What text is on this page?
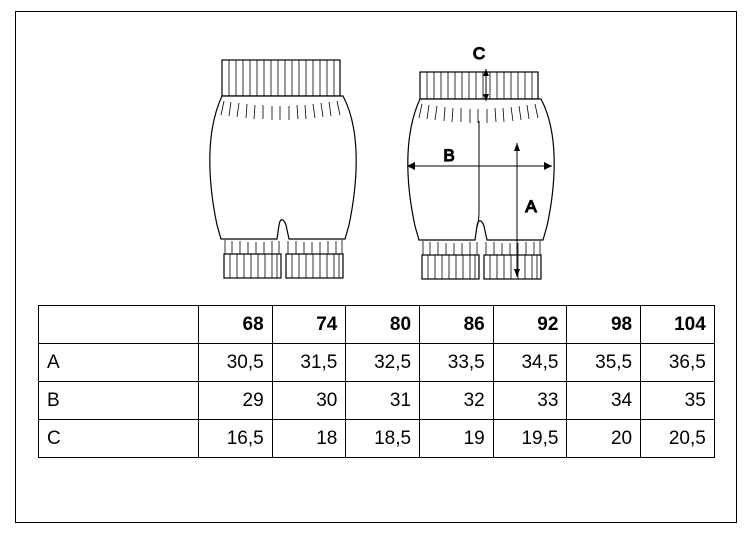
C
B
A
	68	74	80	86	92	98	104
A	30,5	31,5	32,5	33,5	34,5	35,5	36,5
B	29	30	31	32	33	34	35
C	16,5	18	18,5	19	19,5	20	20,5
